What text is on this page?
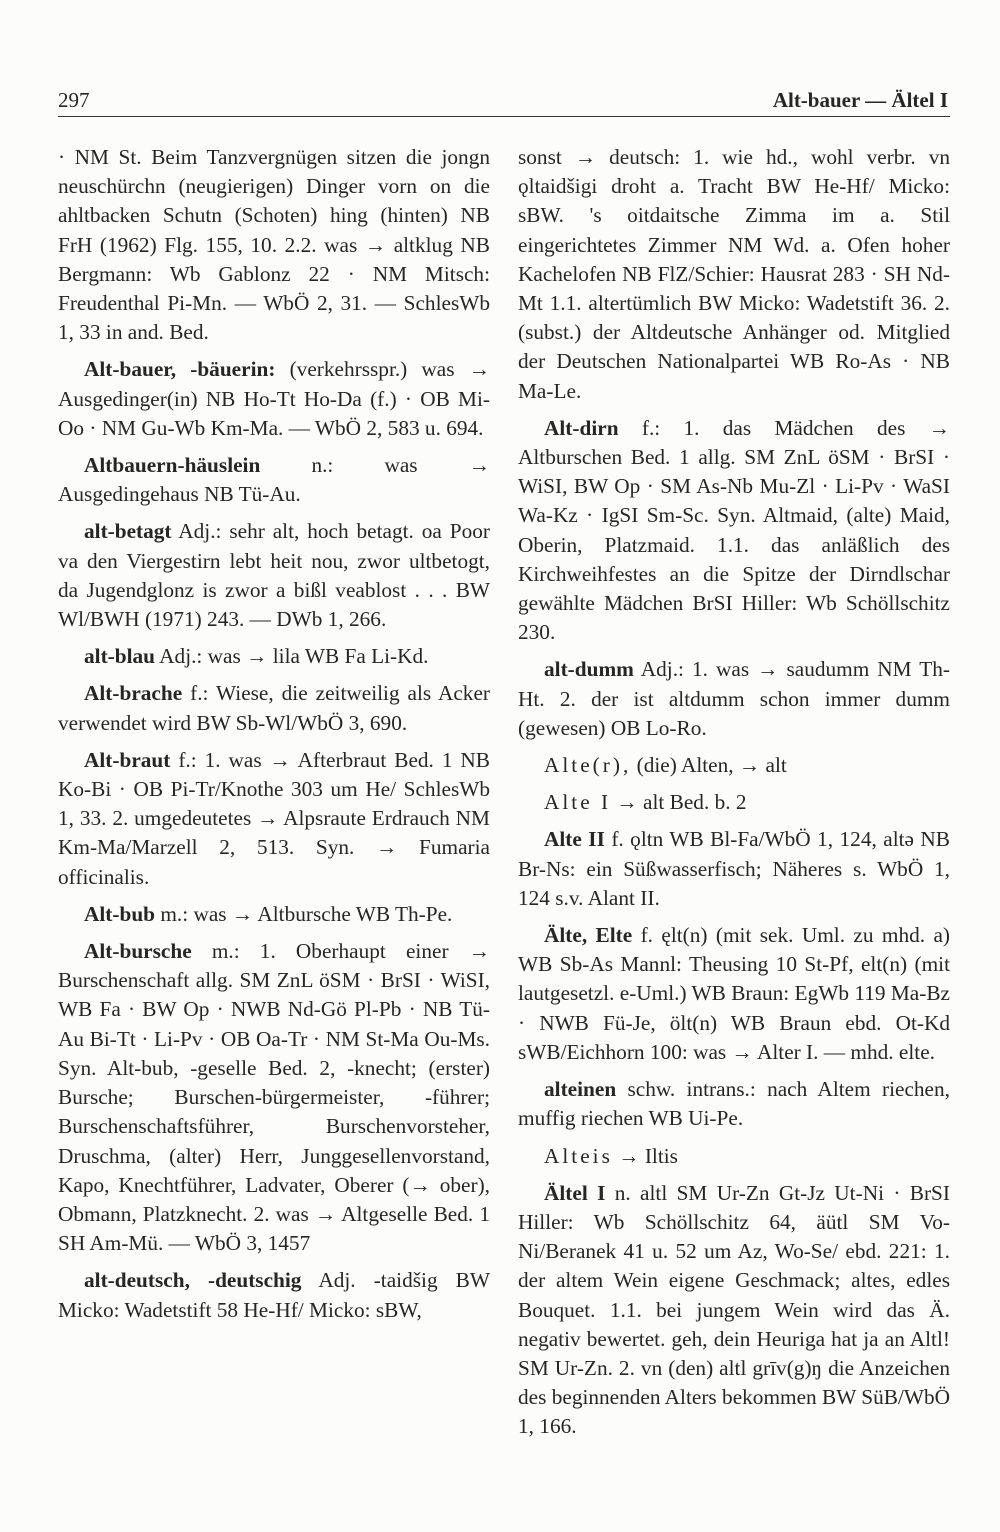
297	Alt-bauer — Ältel I

· NM St. Beim Tanzvergnügen sitzen die jongn neuschürchn (neugierigen) Dinger vorn on die ahltbacken Schutn (Schoten) hing (hinten) NB FrH (1962) Flg. 155, 10. 2.2. was → altklug NB Bergmann: Wb Gablonz 22 · NM Mitsch: Freudenthal Pi-Mn. — WbÖ 2, 31. — SchlesWb 1, 33 in and. Bed.

Alt-bauer, -bäuerin: (verkehrsspr.) was → Ausgedinger(in) NB Ho-Tt Ho-Da (f.) · OB Mi-Oo · NM Gu-Wb Km-Ma. — WbÖ 2, 583 u. 694.

Altbauern-häuslein n.: was → Ausgedingehaus NB Tü-Au.

alt-betagt Adj.: sehr alt, hoch betagt. oa Poor va den Viergestirn lebt heit nou, zwor ultbetogt, da Jugendglonz is zwor a bißl veablost . . . BW Wl/BWH (1971) 243. — DWb 1, 266.

alt-blau Adj.: was → lila WB Fa Li-Kd.

Alt-brache f.: Wiese, die zeitweilig als Acker verwendet wird BW Sb-Wl/WbÖ 3, 690.

Alt-braut f.: 1. was → Afterbraut Bed. 1 NB Ko-Bi · OB Pi-Tr/Knothe 303 um He/ SchlesWb 1, 33. 2. umgedeutetes → Alpsraute Erdrauch NM Km-Ma/Marzell 2, 513. Syn. → Fumaria officinalis.

Alt-bub m.: was → Altbursche WB Th-Pe.

Alt-bursche m.: 1. Oberhaupt einer → Burschenschaft allg. SM ZnL öSM · BrSI · WiSI, WB Fa · BW Op · NWB Nd-Gö Pl-Pb · NB Tü-Au Bi-Tt · Li-Pv · OB Oa-Tr · NM St-Ma Ou-Ms. Syn. Alt-bub, -geselle Bed. 2, -knecht; (erster) Bursche; Burschen-bürgermeister, -führer; Burschenschaftsführer, Burschenvorsteher, Druschma, (alter) Herr, Junggesellenvorstand, Kapo, Knechtführer, Ladvater, Oberer (→ ober), Obmann, Platzknecht. 2. was → Altgeselle Bed. 1 SH Am-Mü. — WbÖ 3, 1457

alt-deutsch, -deutschig Adj. -taidšig BW Micko: Wadetstift 58 He-Hf/ Micko: sBW,

sonst → deutsch: 1. wie hd., wohl verbr. vn ǫltaidšigi droht a. Tracht BW He-Hf/ Micko: sBW. 's oitdaitsche Zimma im a. Stil eingerichtetes Zimmer NM Wd. a. Ofen hoher Kachelofen NB FlZ/Schier: Hausrat 283 · SH Nd-Mt 1.1. altertümlich BW Micko: Wadetstift 36. 2. (subst.) der Altdeutsche Anhänger od. Mitglied der Deutschen Nationalpartei WB Ro-As · NB Ma-Le.

Alt-dirn f.: 1. das Mädchen des → Altburschen Bed. 1 allg. SM ZnL öSM · BrSI · WiSI, BW Op · SM As-Nb Mu-Zl · Li-Pv · WaSI Wa-Kz · IgSI Sm-Sc. Syn. Altmaid, (alte) Maid, Oberin, Platzmaid. 1.1. das anläßlich des Kirchweihfestes an die Spitze der Dirndlschar gewählte Mädchen BrSI Hiller: Wb Schöllschitz 230.

alt-dumm Adj.: 1. was → saudumm NM Th-Ht. 2. der ist altdumm schon immer dumm (gewesen) OB Lo-Ro.

Alte(r), (die) Alten, → alt

Alte I → alt Bed. b. 2

Alte II f. ǫltn WB Bl-Fa/WbÖ 1, 124, altə NB Br-Ns: ein Süßwasserfisch; Näheres s. WbÖ 1, 124 s.v. Alant II.

Älte, Elte f. ęlt(n) (mit sek. Uml. zu mhd. a) WB Sb-As Mannl: Theusing 10 St-Pf, elt(n) (mit lautgesetzl. e-Uml.) WB Braun: EgWb 119 Ma-Bz · NWB Fü-Je, ölt(n) WB Braun ebd. Ot-Kd sWB/Eichhorn 100: was → Alter I. — mhd. elte.

alteinen schw. intrans.: nach Altem riechen, muffig riechen WB Ui-Pe.

Alteis → Iltis

Ältel I n. altl SM Ur-Zn Gt-Jz Ut-Ni · BrSI Hiller: Wb Schöllschitz 64, äütl SM Vo-Ni/Beranek 41 u. 52 um Az, Wo-Se/ ebd. 221: 1. der altem Wein eigene Geschmack; altes, edles Bouquet. 1.1. bei jungem Wein wird das Ä. negativ bewertet. geh, dein Heuriga hat ja an Altl! SM Ur-Zn. 2. vn (den) altl grīv(g)ŋ die Anzeichen des beginnenden Alters bekommen BW SüB/WbÖ 1, 166.
